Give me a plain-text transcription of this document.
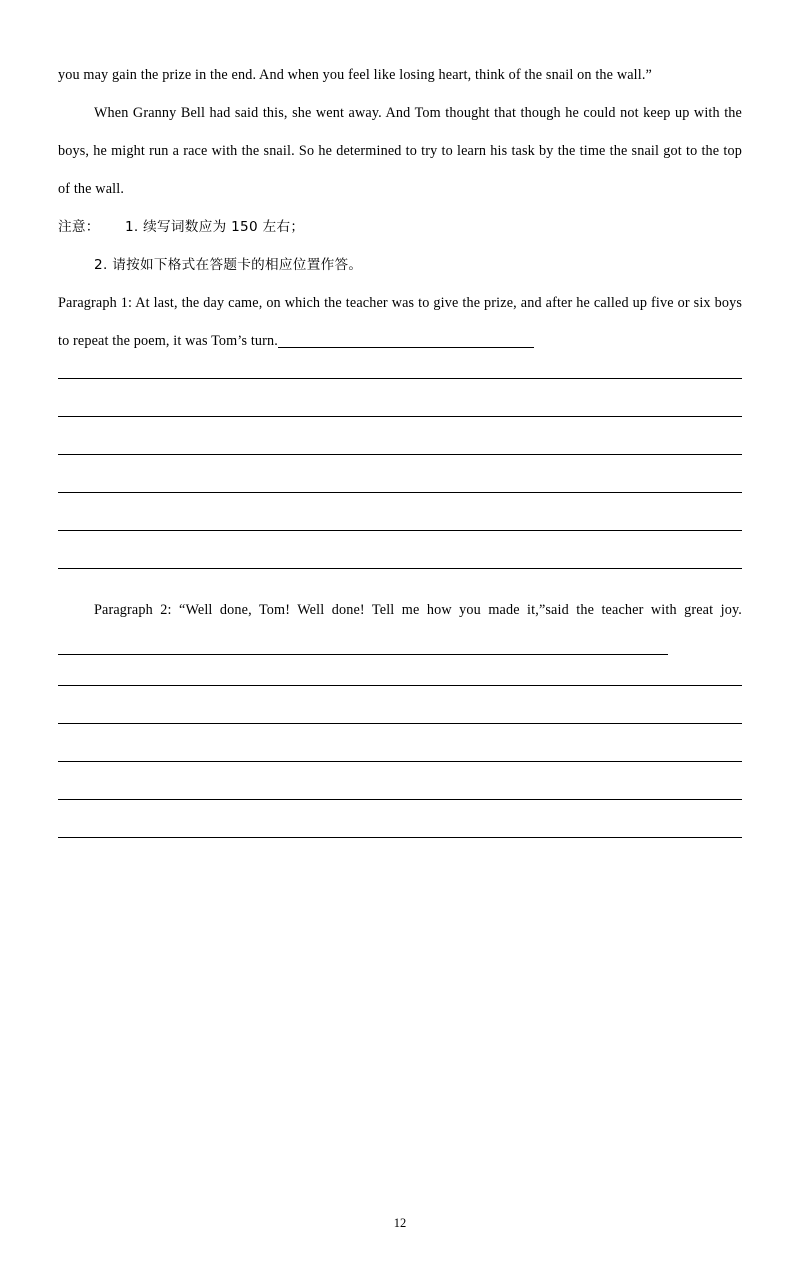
you may gain the prize in the end. And when you feel like losing heart, think of the snail on the wall.”

When Granny Bell had said this, she went away. And Tom thought that though he could not keep up with the boys, he might run a race with the snail. So he determined to try to learn his task by the time the snail got to the top of the wall.

注意： 1. 续写词数应为 150 左右；
2. 请按如下格式在答题卡的相应位置作答。

Paragraph 1: At last, the day came, on which the teacher was to give the prize, and after he called up five or six boys to repeat the poem, it was Tom’s turn.

Paragraph 2: “Well done, Tom! Well done! Tell me how you made it,”said the teacher with great joy.

12
